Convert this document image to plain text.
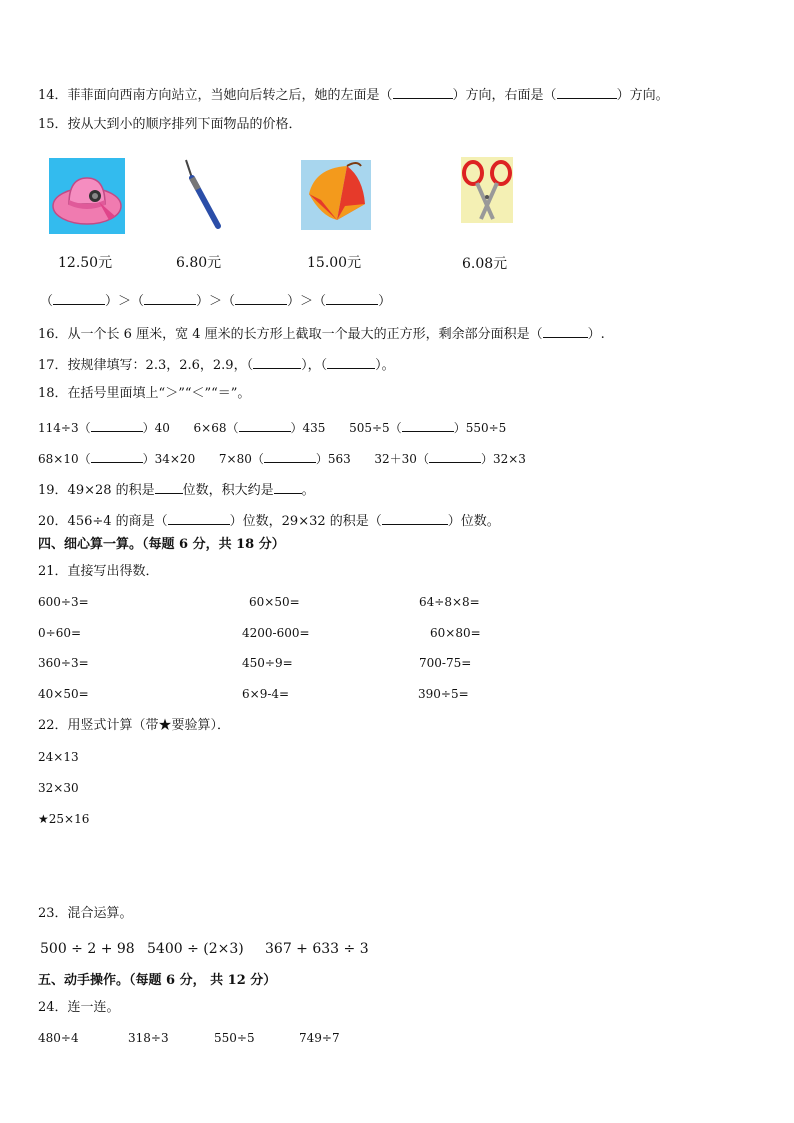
14．菲菲面向西南方向站立，当她向后转之后，她的左面是（	）方向，右面是（	）方向。
15．按从大到小的顺序排列下面物品的价格．
12.50元	6.80元	15.00元	6.08元
（	）＞（	）＞（	）＞（	）
16．从一个长 6 厘米，宽 4 厘米的长方形上截取一个最大的正方形，剩余部分面积是（	）.
17．按规律填写：2.3，2.6，2.9，（	），（	）。
18．在括号里面填上“＞”“＜”“＝”。
114÷3（	）40 6×68（	）435 505÷5（	）550÷5
68×10（	）34×20 7×80（	）563 32＋30（	）32×3
19．49×28 的积是 位数，积大约是 。
20．456÷4 的商是（	）位数，29×32 的积是（	）位数。
四、细心算一算。（每题 6 分，共 18 分）
21．直接写出得数．
600÷3=	60×50=	64÷8×8=
0÷60=	4200-600=	60×80=
360÷3=	450÷9=	700-75=
40×50=	6×9-4=	390÷5=
22．用竖式计算（带★要验算）．
24×13
32×30
★25×16
23．混合运算。
500 ÷ 2 + 98 5400 ÷ (2×3) 367 + 633 ÷ 3
五、动手操作。（每题 6 分， 共 12 分）
24．连一连。
480÷4	318÷3	550÷5	749÷7
